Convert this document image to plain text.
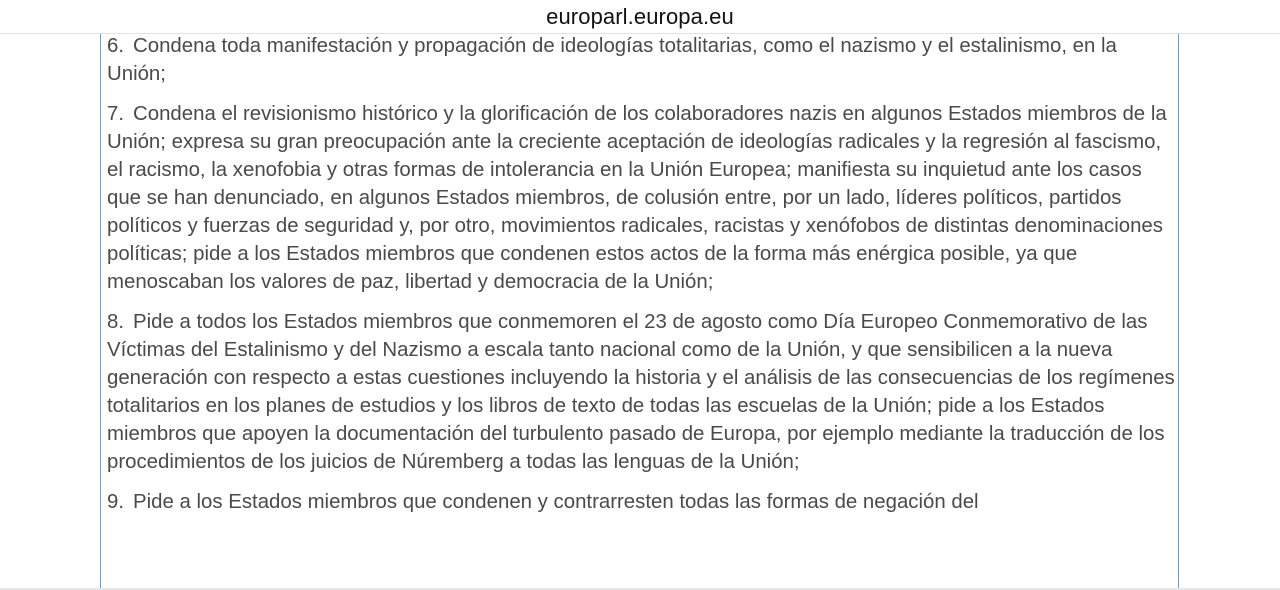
europarl.europa.eu

6. Condena toda manifestación y propagación de ideologías totalitarias, como el nazismo y el estalinismo, en la Unión;

7. Condena el revisionismo histórico y la glorificación de los colaboradores nazis en algunos Estados miembros de la Unión; expresa su gran preocupación ante la creciente aceptación de ideologías radicales y la regresión al fascismo, el racismo, la xenofobia y otras formas de intolerancia en la Unión Europea; manifiesta su inquietud ante los casos que se han denunciado, en algunos Estados miembros, de colusión entre, por un lado, líderes políticos, partidos políticos y fuerzas de seguridad y, por otro, movimientos radicales, racistas y xenófobos de distintas denominaciones políticas; pide a los Estados miembros que condenen estos actos de la forma más enérgica posible, ya que menoscaban los valores de paz, libertad y democracia de la Unión;

8. Pide a todos los Estados miembros que conmemoren el 23 de agosto como Día Europeo Conmemorativo de las Víctimas del Estalinismo y del Nazismo a escala tanto nacional como de la Unión, y que sensibilicen a la nueva generación con respecto a estas cuestiones incluyendo la historia y el análisis de las consecuencias de los regímenes totalitarios en los planes de estudios y los libros de texto de todas las escuelas de la Unión; pide a los Estados miembros que apoyen la documentación del turbulento pasado de Europa, por ejemplo mediante la traducción de los procedimientos de los juicios de Núremberg a todas las lenguas de la Unión;

9. Pide a los Estados miembros que condenen y contrarresten todas las formas de negación del
